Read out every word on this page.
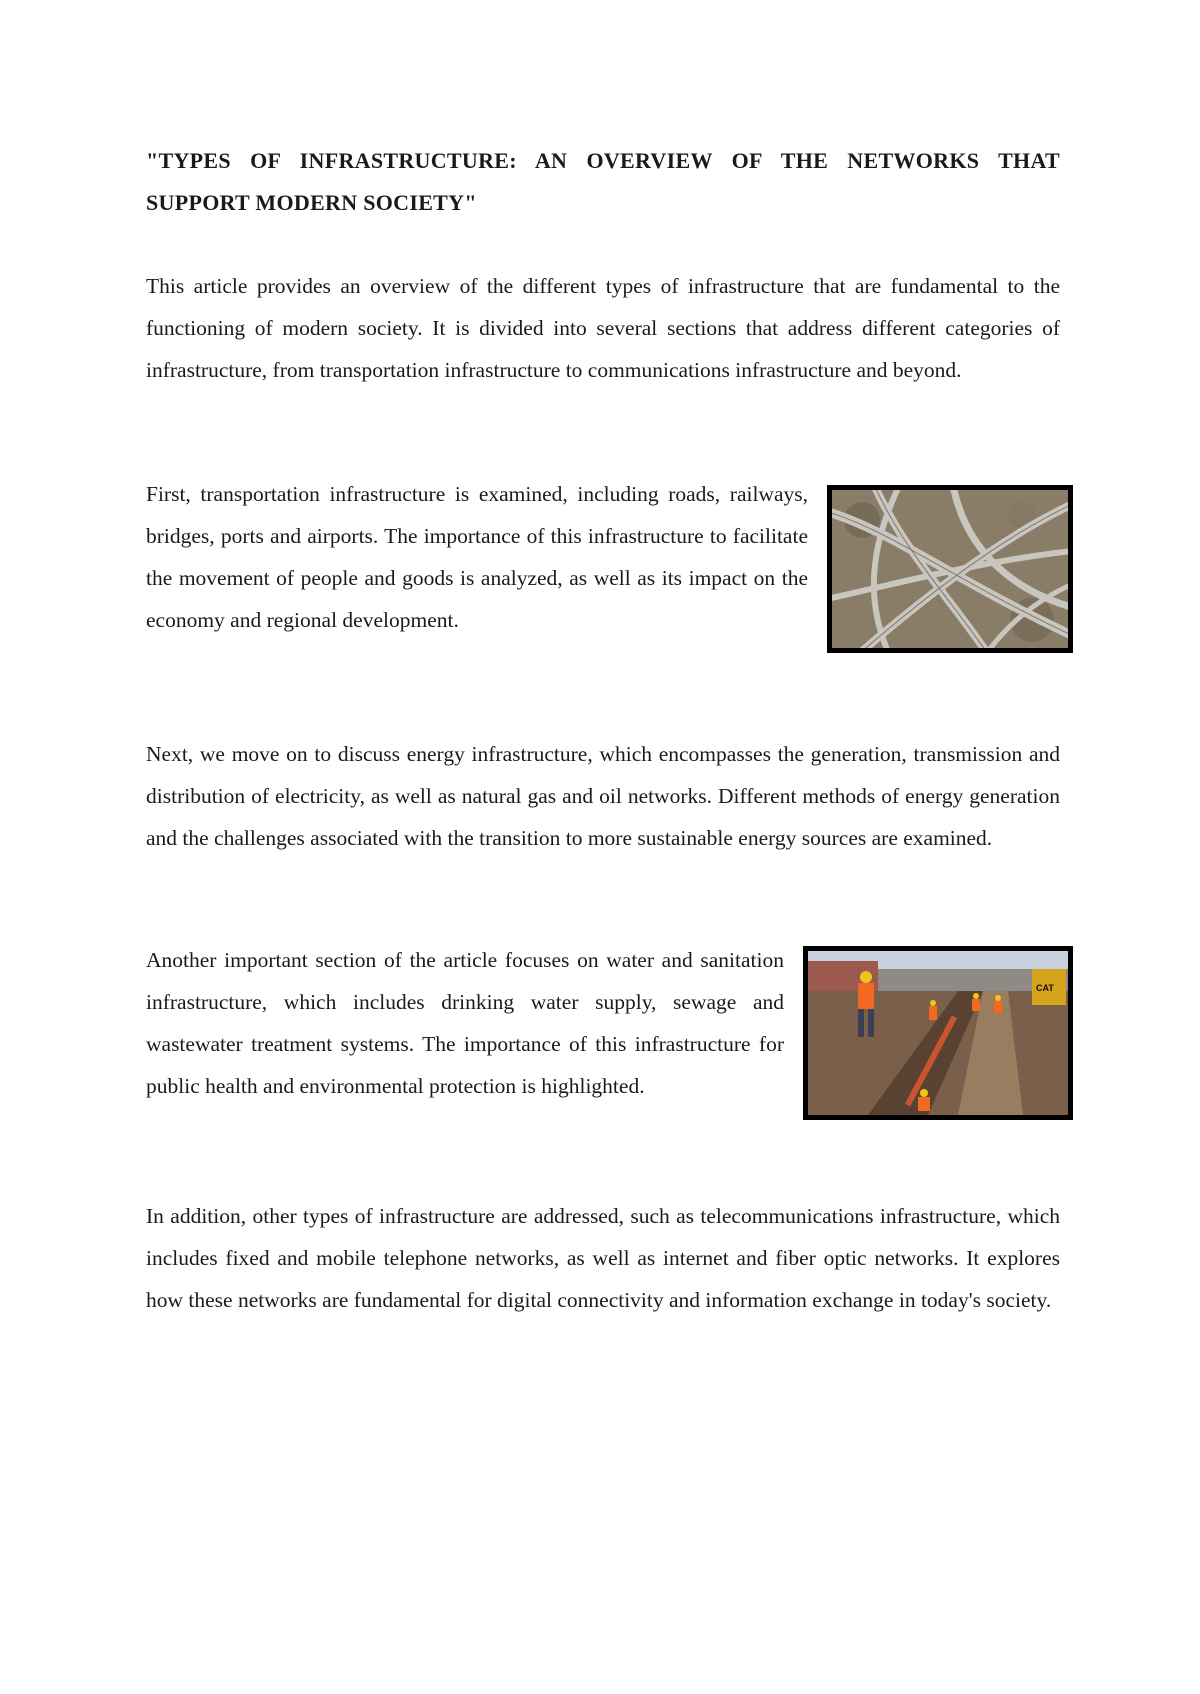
"TYPES OF INFRASTRUCTURE: AN OVERVIEW OF THE NETWORKS THAT SUPPORT MODERN SOCIETY"

This article provides an overview of the different types of infrastructure that are fundamental to the functioning of modern society. It is divided into several sections that address different categories of infrastructure, from transportation infrastructure to communications infrastructure and beyond.

First, transportation infrastructure is examined, including roads, railways, bridges, ports and airports. The importance of this infrastructure to facilitate the movement of people and goods is analyzed, as well as its impact on the economy and regional development.

Next, we move on to discuss energy infrastructure, which encompasses the generation, transmission and distribution of electricity, as well as natural gas and oil networks. Different methods of energy generation and the challenges associated with the transition to more sustainable energy sources are examined.

Another important section of the article focuses on water and sanitation infrastructure, which includes drinking water supply, sewage and wastewater treatment systems. The importance of this infrastructure for public health and environmental protection is highlighted.

CAT

In addition, other types of infrastructure are addressed, such as telecommunications infrastructure, which includes fixed and mobile telephone networks, as well as internet and fiber optic networks. It explores how these networks are fundamental for digital connectivity and information exchange in today's society.
